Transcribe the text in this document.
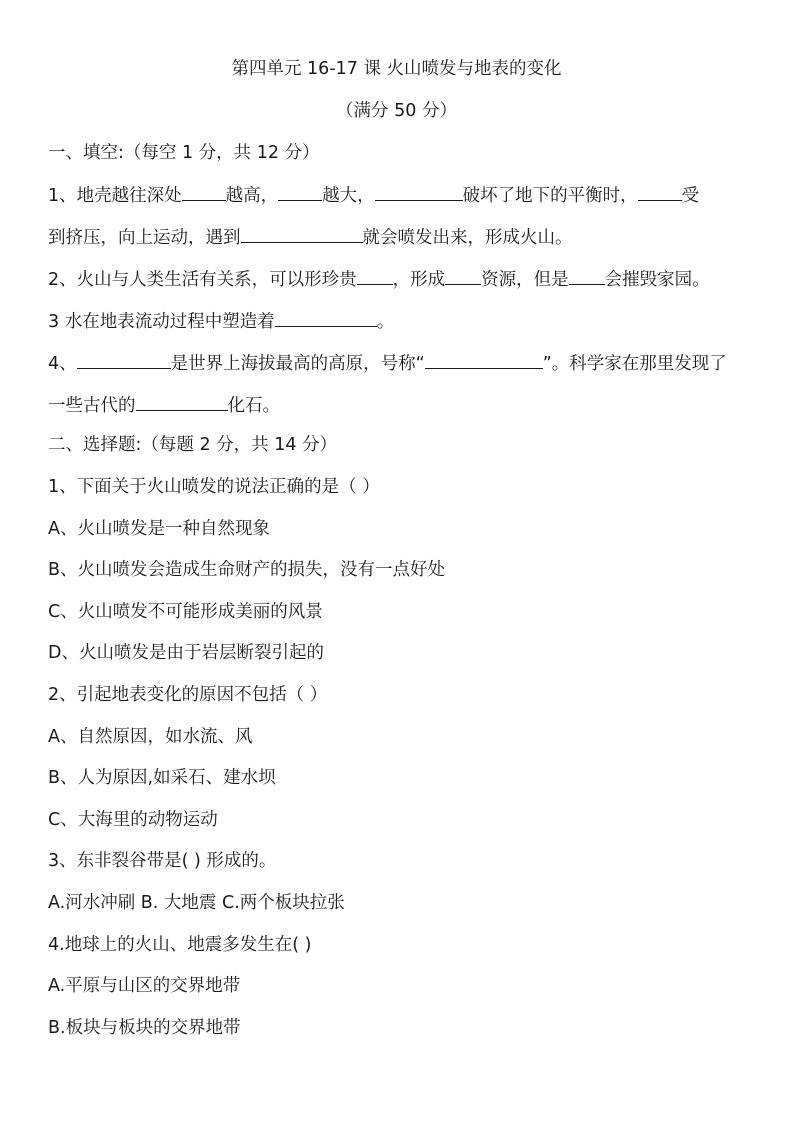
第四单元 16-17 课 火山喷发与地表的变化
（满分 50 分）
一、填空:（每空 1 分，共 12 分）
1、地壳越往深处	越高，	越大，	破坏了地下的平衡时，	受
到挤压，向上运动，遇到	就会喷发出来，形成火山。
2、火山与人类生活有关系，可以形珍贵 ，形成 资源，但是 会摧毁家园。
3 水在地表流动过程中塑造着	。
4、	是世界上海拔最高的高原，号称“	”。科学家在那里发现了
一些古代的	化石。
二、选择题:（每题 2 分，共 14 分）
1、下面关于火山喷发的说法正确的是（ ）
A、火山喷发是一种自然现象
B、火山喷发会造成生命财产的损失，没有一点好处
C、火山喷发不可能形成美丽的风景
D、火山喷发是由于岩层断裂引起的
2、引起地表变化的原因不包括（ ）
A、自然原因，如水流、风
B、人为原因,如采石、建水坝
C、大海里的动物运动
3、东非裂谷带是( ) 形成的。
A.河水冲刷 B. 大地震 C.两个板块拉张
4.地球上的火山、地震多发生在( )
A.平原与山区的交界地带
B.板块与板块的交界地带
